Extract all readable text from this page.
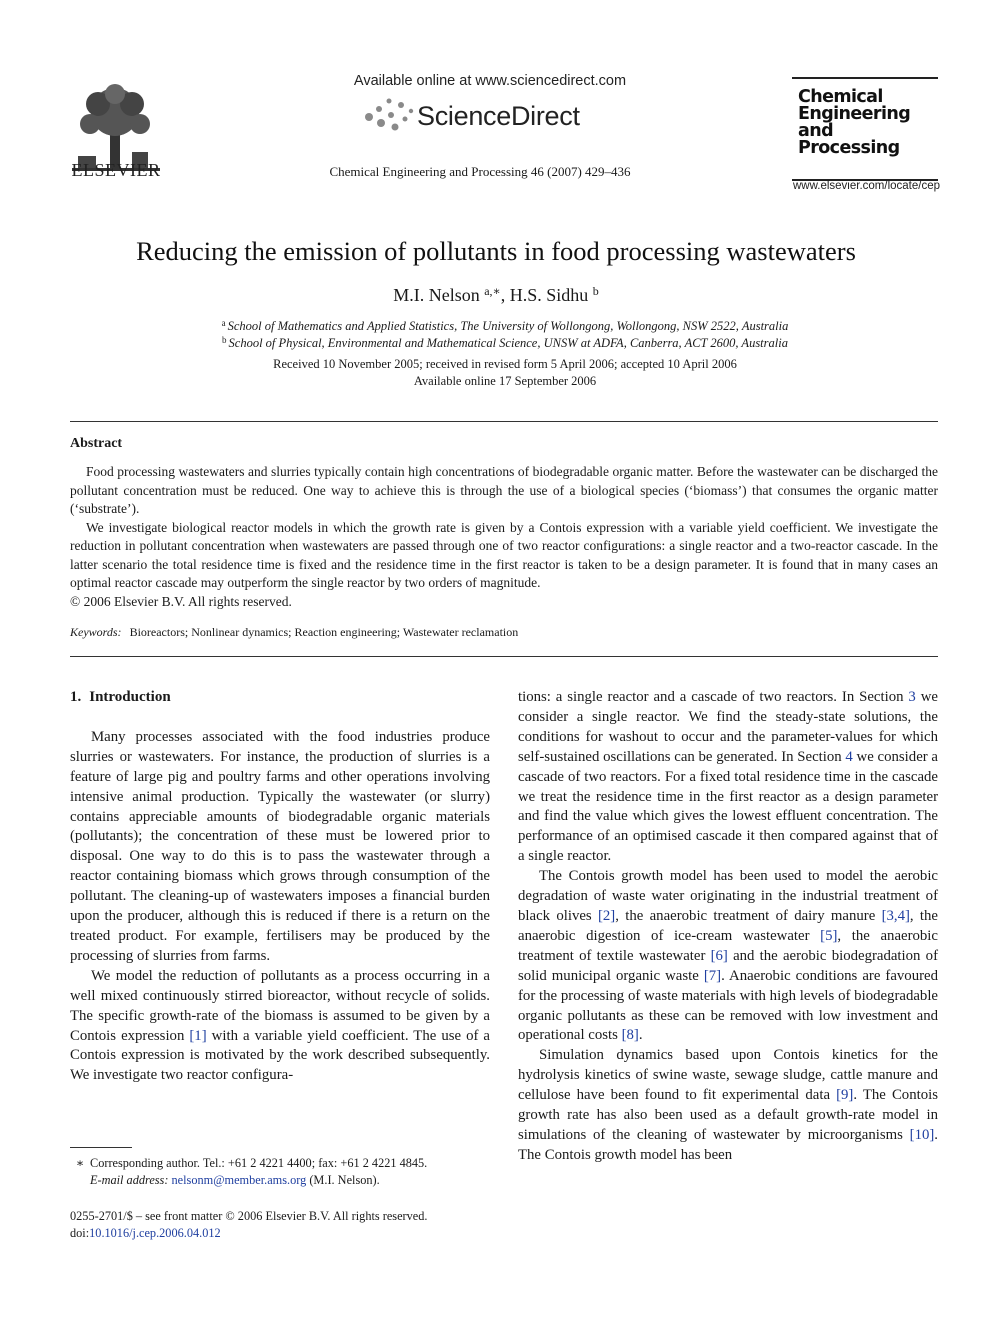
ELSEVIER
Available online at www.sciencedirect.com
ScienceDirect
Chemical Engineering and Processing 46 (2007) 429–436
Chemical Engineering and Processing
www.elsevier.com/locate/cep
Reducing the emission of pollutants in food processing wastewaters
M.I. Nelson $^{a,∗}$, H.S. Sidhu $^b$
$^a$ School of Mathematics and Applied Statistics, The University of Wollongong, Wollongong, NSW 2522, Australia
$^b$ School of Physical, Environmental and Mathematical Science, UNSW at ADFA, Canberra, ACT 2600, Australia
Received 10 November 2005; received in revised form 5 April 2006; accepted 10 April 2006
Available online 17 September 2006
Abstract

Food processing wastewaters and slurries typically contain high concentrations of biodegradable organic matter. Before the wastewater can be discharged the pollutant concentration must be reduced. One way to achieve this is through the use of a biological species (‘biomass’) that consumes the organic matter (‘substrate’).

We investigate biological reactor models in which the growth rate is given by a Contois expression with a variable yield coefficient. We investigate the reduction in pollutant concentration when wastewaters are passed through one of two reactor configurations: a single reactor and a two-reactor cascade. In the latter scenario the total residence time is fixed and the residence time in the first reactor is taken to be a design parameter. It is found that in many cases an optimal reactor cascade may outperform the single reactor by two orders of magnitude.

© 2006 Elsevier B.V. All rights reserved.

Keywords: Bioreactors; Nonlinear dynamics; Reaction engineering; Wastewater reclamation
1. Introduction

Many processes associated with the food industries produce slurries or wastewaters. For instance, the production of slurries is a feature of large pig and poultry farms and other operations involving intensive animal production. Typically the wastewater (or slurry) contains appreciable amounts of biodegradable organic materials (pollutants); the concentration of these must be lowered prior to disposal. One way to do this is to pass the wastewater through a reactor containing biomass which grows through consumption of the pollutant. The cleaning-up of wastewaters imposes a financial burden upon the producer, although this is reduced if there is a return on the treated product. For example, fertilisers may be produced by the processing of slurries from farms.

We model the reduction of pollutants as a process occurring in a well mixed continuously stirred bioreactor, without recycle of solids. The specific growth-rate of the biomass is assumed to be given by a Contois expression [1] with a variable yield coefficient. The use of a Contois expression is motivated by the work described subsequently. We investigate two reactor configura-

tions: a single reactor and a cascade of two reactors. In Section 3 we consider a single reactor. We find the steady-state solutions, the conditions for washout to occur and the parameter-values for which self-sustained oscillations can be generated. In Section 4 we consider a cascade of two reactors. For a fixed total residence time in the cascade we treat the residence time in the first reactor as a design parameter and find the value which gives the lowest effluent concentration. The performance of an optimised cascade it then compared against that of a single reactor.

The Contois growth model has been used to model the aerobic degradation of waste water originating in the industrial treatment of black olives [2], the anaerobic treatment of dairy manure [3,4], the anaerobic digestion of ice-cream wastewater [5], the anaerobic treatment of textile wastewater [6] and the aerobic biodegradation of solid municipal organic waste [7]. Anaerobic conditions are favoured for the processing of waste materials with high levels of biodegradable organic pollutants as these can be removed with low investment and operational costs [8].

Simulation dynamics based upon Contois kinetics for the hydrolysis kinetics of swine waste, sewage sludge, cattle manure and cellulose have been found to fit experimental data [9]. The Contois growth rate has also been used as a default growth-rate model in simulations of the cleaning of wastewater by microorganisms [10]. The Contois growth model has been

∗ Corresponding author. Tel.: +61 2 4221 4400; fax: +61 2 4221 4845.
E-mail address: nelsonm@member.ams.org (M.I. Nelson).
0255-2701/$ – see front matter © 2006 Elsevier B.V. All rights reserved.
doi:10.1016/j.cep.2006.04.012
